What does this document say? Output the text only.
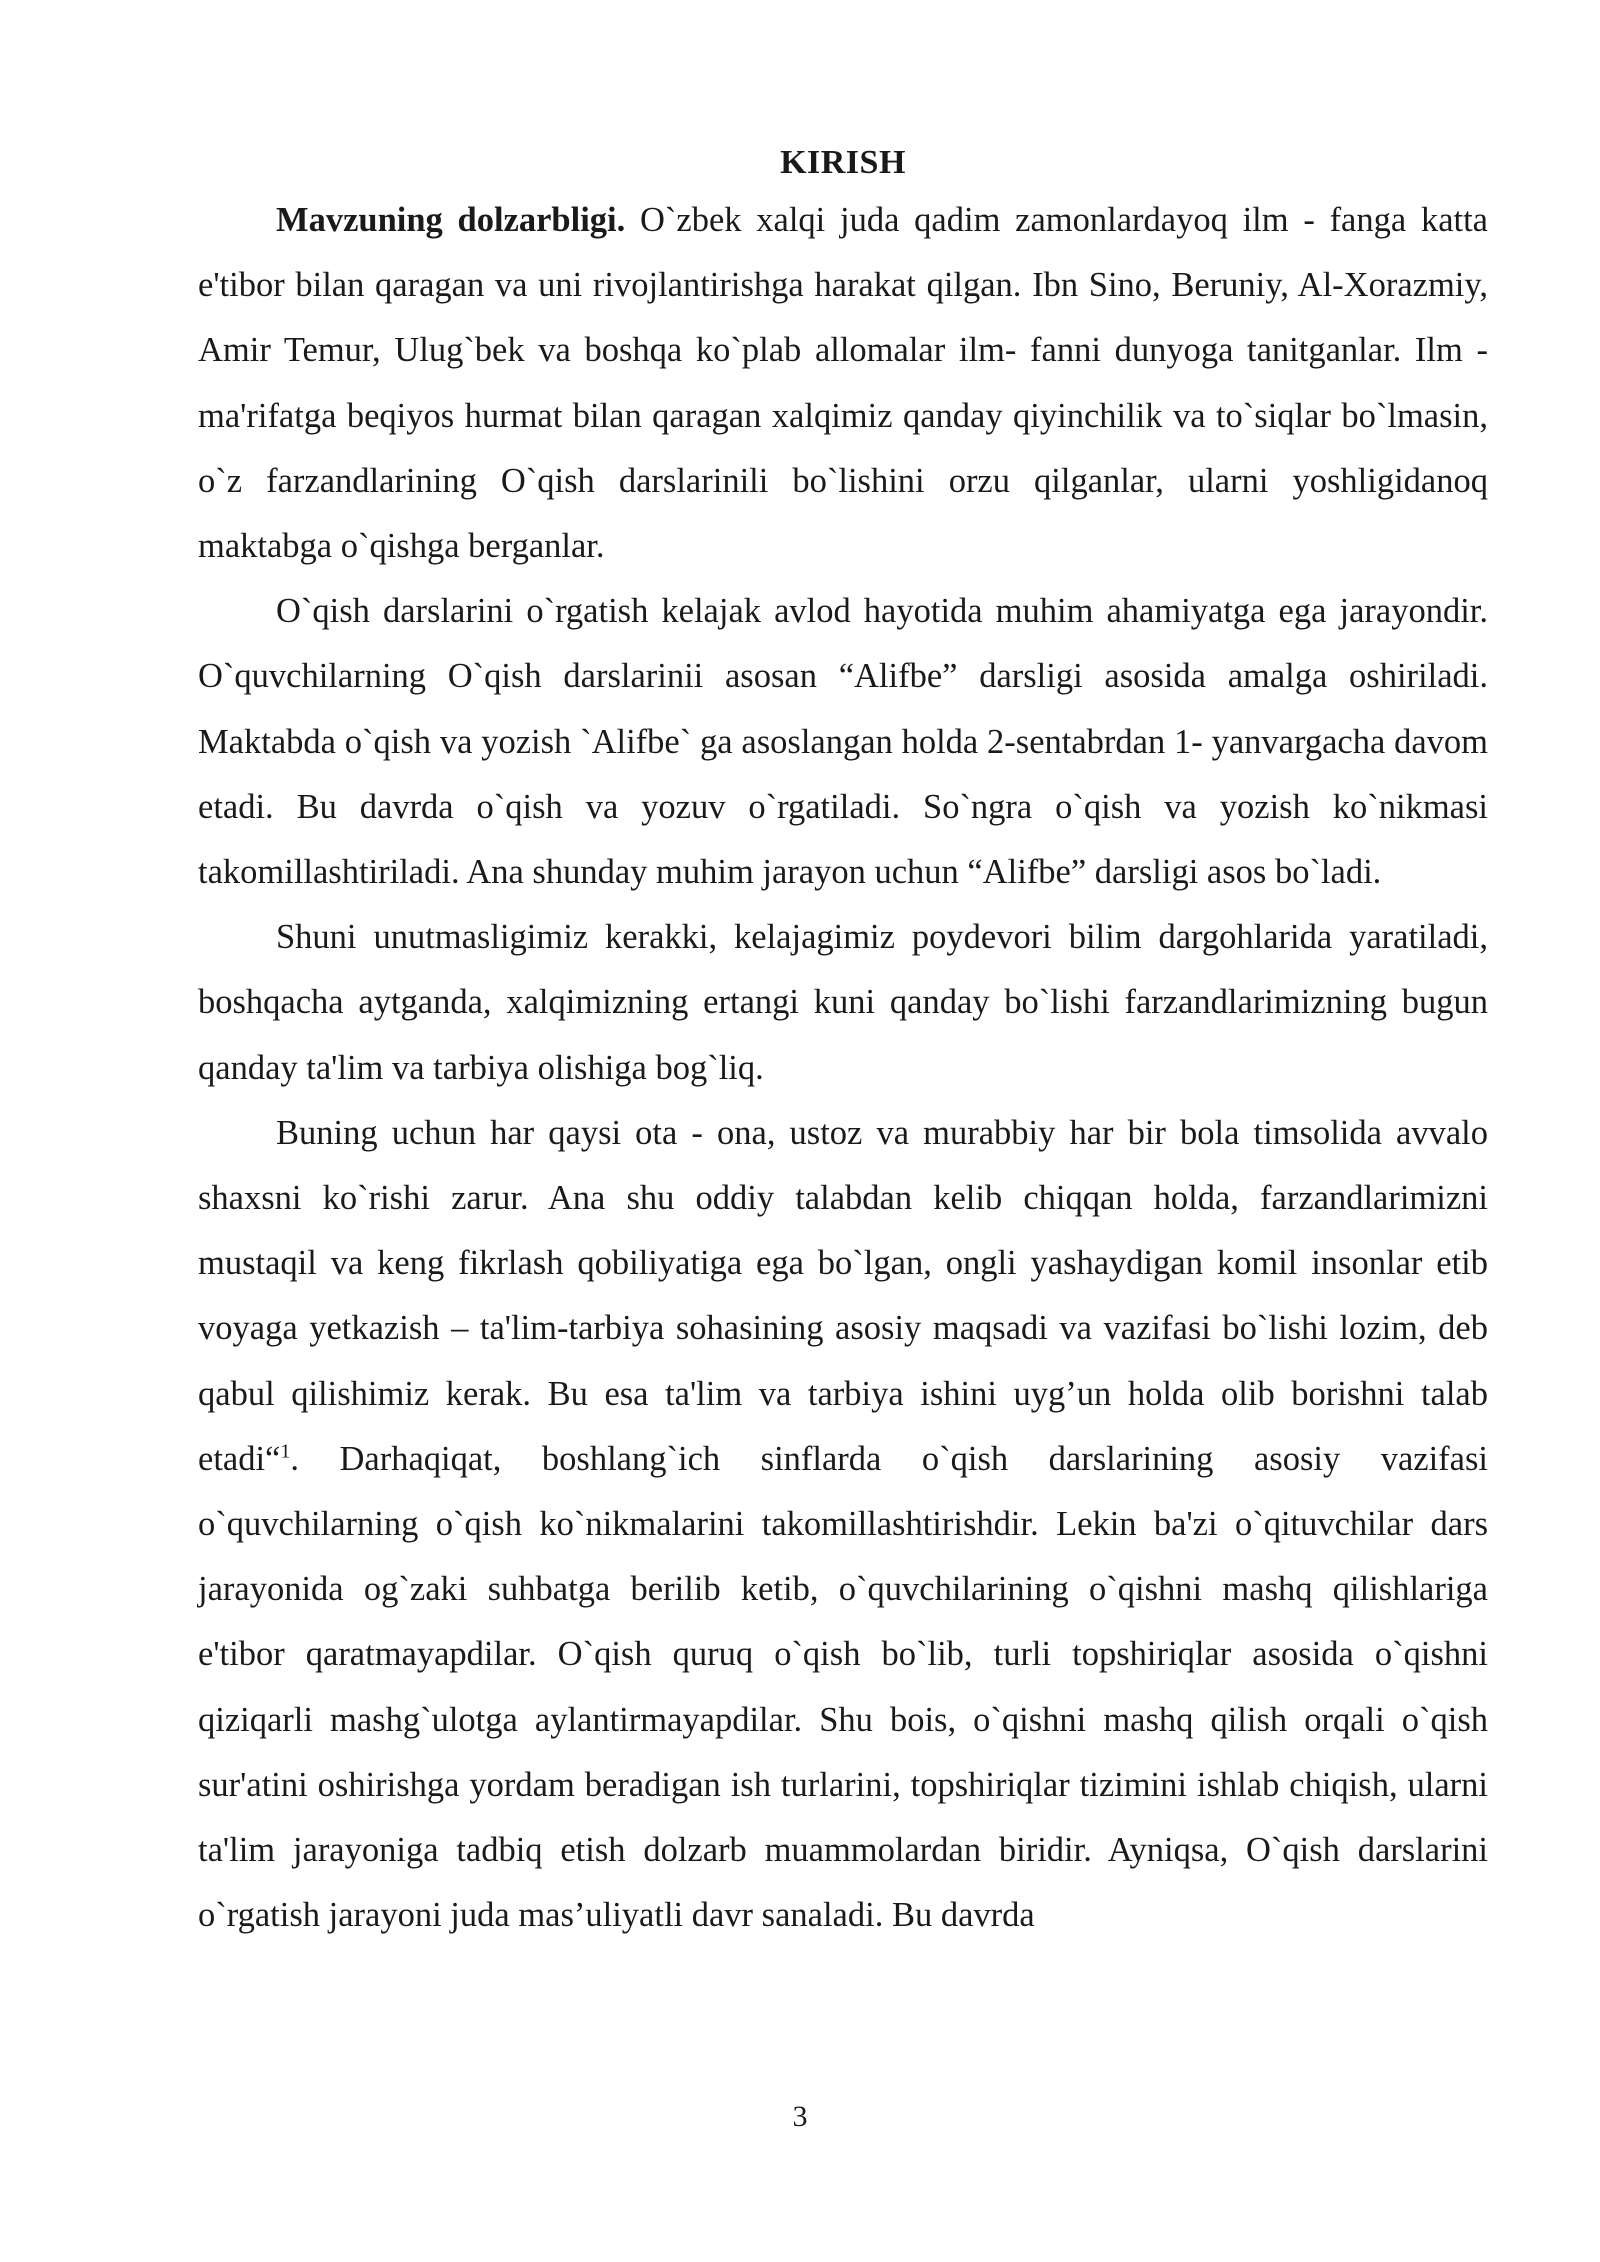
KIRISH

Mavzuning dolzarbligi. O`zbek xalqi juda qadim zamonlardayoq ilm - fanga katta e'tibor bilan qaragan va uni rivojlantirishga harakat qilgan. Ibn Sino, Beruniy, Al-Xorazmiy, Amir Temur, Ulug`bek va boshqa ko`plab allomalar ilm- fanni dunyoga tanitganlar. Ilm - ma'rifatga beqiyos hurmat bilan qaragan xalqimiz qanday qiyinchilik va to`siqlar bo`lmasin, o`z farzandlarining O`qish darslarinili bo`lishini orzu qilganlar, ularni yoshligidanoq maktabga o`qishga berganlar.

O`qish darslarini o`rgatish kelajak avlod hayotida muhim ahamiyatga ega jarayondir. O`quvchilarning O`qish darslarinii asosan “Alifbe” darsligi asosida amalga oshiriladi. Maktabda o`qish va yozish `Alifbe` ga asoslangan holda 2-sentabrdan 1- yanvargacha davom etadi. Bu davrda o`qish va yozuv o`rgatiladi. So`ngra o`qish va yozish ko`nikmasi takomillashtiriladi. Ana shunday muhim jarayon uchun “Alifbe” darsligi asos bo`ladi.

Shuni unutmasligimiz kerakki, kelajagimiz poydevori bilim dargohlarida yaratiladi, boshqacha aytganda, xalqimizning ertangi kuni qanday bo`lishi farzandlarimizning bugun qanday ta'lim va tarbiya olishiga bog`liq.

Buning uchun har qaysi ota - ona, ustoz va murabbiy har bir bola timsolida avvalo shaxsni ko`rishi zarur. Ana shu oddiy talabdan kelib chiqqan holda, farzandlarimizni mustaqil va keng fikrlash qobiliyatiga ega bo`lgan, ongli yashaydigan komil insonlar etib voyaga yetkazish – ta'lim-tarbiya sohasining asosiy maqsadi va vazifasi bo`lishi lozim, deb qabul qilishimiz kerak. Bu esa ta'lim va tarbiya ishini uyg’un holda olib borishni talab etadi“$^1$. Darhaqiqat, boshlang`ich sinflarda o`qish darslarining asosiy vazifasi o`quvchilarning o`qish ko`nikmalarini takomillashtirishdir. Lekin ba'zi o`qituvchilar dars jarayonida og`zaki suhbatga berilib ketib, o`quvchilarining o`qishni mashq qilishlariga e'tibor qaratmayapdilar. O`qish quruq o`qish bo`lib, turli topshiriqlar asosida o`qishni qiziqarli mashg`ulotga aylantirmayapdilar. Shu bois, o`qishni mashq qilish orqali o`qish sur'atini oshirishga yordam beradigan ish turlarini, topshiriqlar tizimini ishlab chiqish, ularni ta'lim jarayoniga tadbiq etish dolzarb muammolardan biridir. Ayniqsa, O`qish darslarini o`rgatish jarayoni juda mas’uliyatli davr sanaladi. Bu davrda

3
